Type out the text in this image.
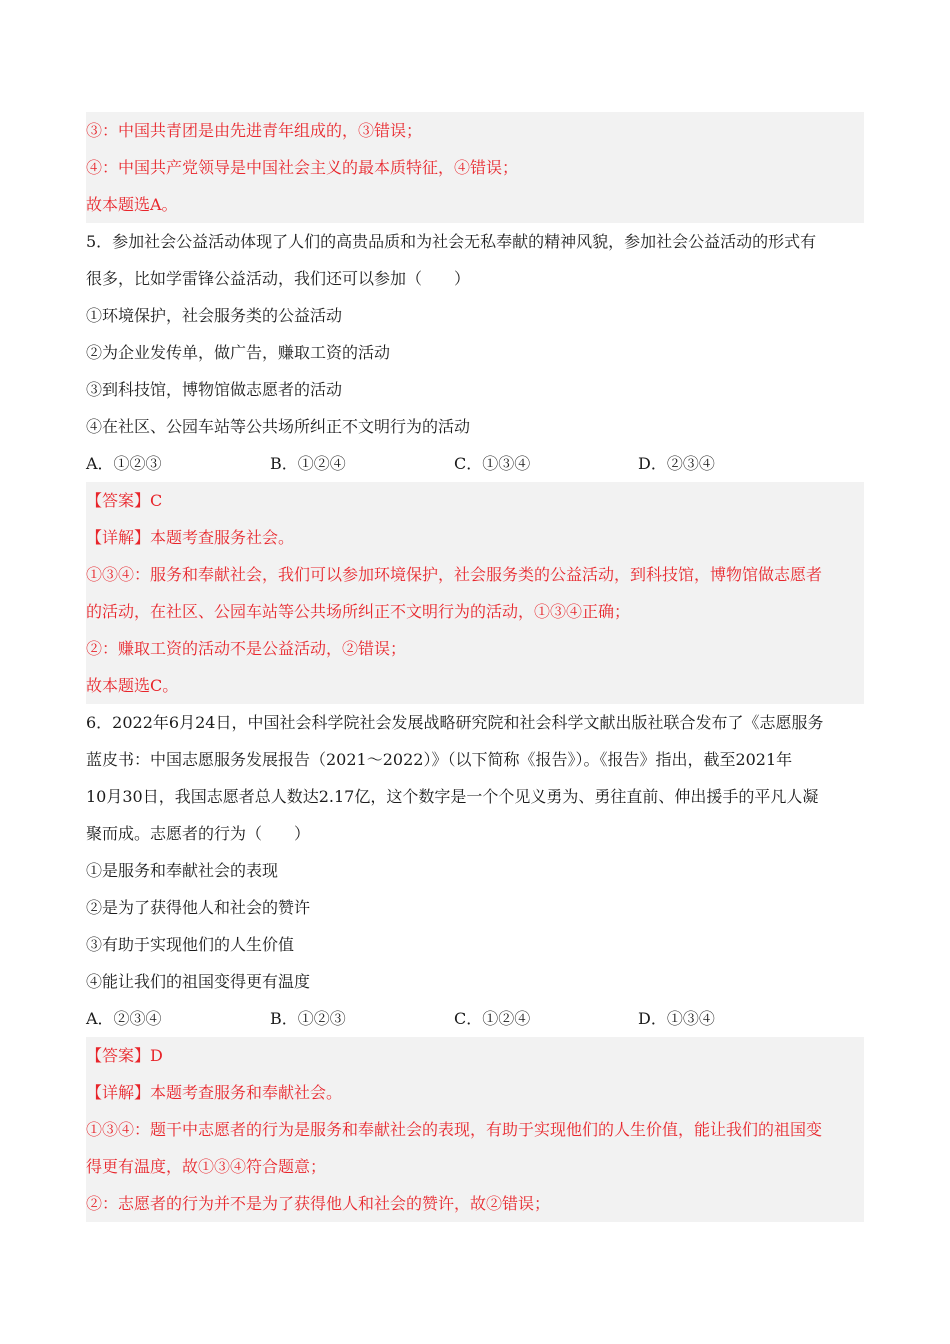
③：中国共青团是由先进青年组成的，③错误；
④：中国共产党领导是中国社会主义的最本质特征，④错误；
故本题选A。
5．参加社会公益活动体现了人们的高贵品质和为社会无私奉献的精神风貌，参加社会公益活动的形式有
很多，比如学雷锋公益活动，我们还可以参加（　　）
①环境保护，社会服务类的公益活动
②为企业发传单，做广告，赚取工资的活动
③到科技馆，博物馆做志愿者的活动
④在社区、公园车站等公共场所纠正不文明行为的活动
A．①②③	B．①②④	C．①③④	D．②③④
【答案】C
【详解】本题考查服务社会。
①③④：服务和奉献社会，我们可以参加环境保护，社会服务类的公益活动，到科技馆，博物馆做志愿者
的活动，在社区、公园车站等公共场所纠正不文明行为的活动，①③④正确；
②：赚取工资的活动不是公益活动，②错误；
故本题选C。
6．2022年6月24日，中国社会科学院社会发展战略研究院和社会科学文献出版社联合发布了《志愿服务
蓝皮书：中国志愿服务发展报告（2021～2022）》（以下简称《报告》）。《报告》指出，截至2021年
10月30日，我国志愿者总人数达2.17亿，这个数字是一个个见义勇为、勇往直前、伸出援手的平凡人凝
聚而成。志愿者的行为（　　）
①是服务和奉献社会的表现
②是为了获得他人和社会的赞许
③有助于实现他们的人生价值
④能让我们的祖国变得更有温度
A．②③④	B．①②③	C．①②④	D．①③④
【答案】D
【详解】本题考查服务和奉献社会。
①③④：题干中志愿者的行为是服务和奉献社会的表现，有助于实现他们的人生价值，能让我们的祖国变
得更有温度，故①③④符合题意；
②：志愿者的行为并不是为了获得他人和社会的赞许，故②错误；
